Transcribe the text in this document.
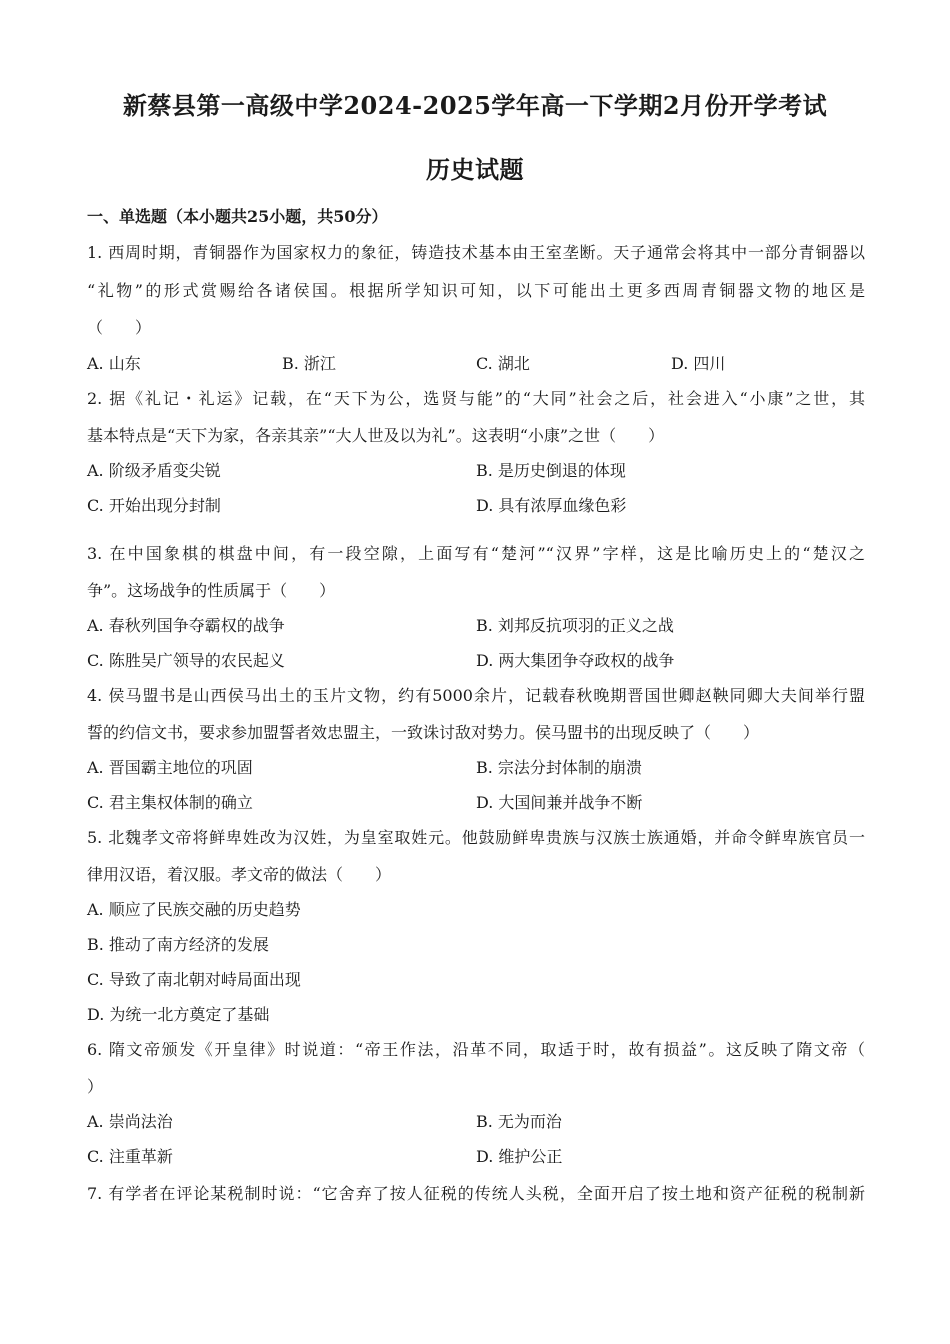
新蔡县第一高级中学2024-2025学年高一下学期2月份开学考试
历史试题
一、单选题（本小题共25小题，共50分）
1. 西周时期，青铜器作为国家权力的象征，铸造技术基本由王室垄断。天子通常会将其中一部分青铜器以
“礼物”的形式赏赐给各诸侯国。根据所学知识可知，以下可能出土更多西周青铜器文物的地区是
（　　）
A. 山东	B. 浙江	C. 湖北	D. 四川
2. 据《礼记・礼运》记载，在“天下为公，选贤与能”的“大同”社会之后，社会进入“小康”之世，其
基本特点是“天下为家，各亲其亲”“大人世及以为礼”。这表明“小康”之世（　　）
A. 阶级矛盾变尖锐	B. 是历史倒退的体现
C. 开始出现分封制	D. 具有浓厚血缘色彩
3. 在中国象棋的棋盘中间，有一段空隙，上面写有“楚河”“汉界”字样，这是比喻历史上的“楚汉之
争”。这场战争的性质属于（　　）
A. 春秋列国争夺霸权的战争	B. 刘邦反抗项羽的正义之战
C. 陈胜吴广领导的农民起义	D. 两大集团争夺政权的战争
4. 侯马盟书是山西侯马出土的玉片文物，约有5000余片，记载春秋晚期晋国世卿赵鞅同卿大夫间举行盟
誓的约信文书，要求参加盟誓者效忠盟主，一致诛讨敌对势力。侯马盟书的出现反映了（　　）
A. 晋国霸主地位的巩固	B. 宗法分封体制的崩溃
C. 君主集权体制的确立	D. 大国间兼并战争不断
5. 北魏孝文帝将鲜卑姓改为汉姓，为皇室取姓元。他鼓励鲜卑贵族与汉族士族通婚，并命令鲜卑族官员一
律用汉语，着汉服。孝文帝的做法（　　）
A. 顺应了民族交融的历史趋势
B. 推动了南方经济的发展
C. 导致了南北朝对峙局面出现
D. 为统一北方奠定了基础
6. 隋文帝颁发《开皇律》时说道：“帝王作法，沿革不同，取适于时，故有损益”。这反映了隋文帝（
）
A. 崇尚法治	B. 无为而治
C. 注重革新	D. 维护公正
7. 有学者在评论某税制时说：“它舍弃了按人征税的传统人头税，全面开启了按土地和资产征税的税制新
